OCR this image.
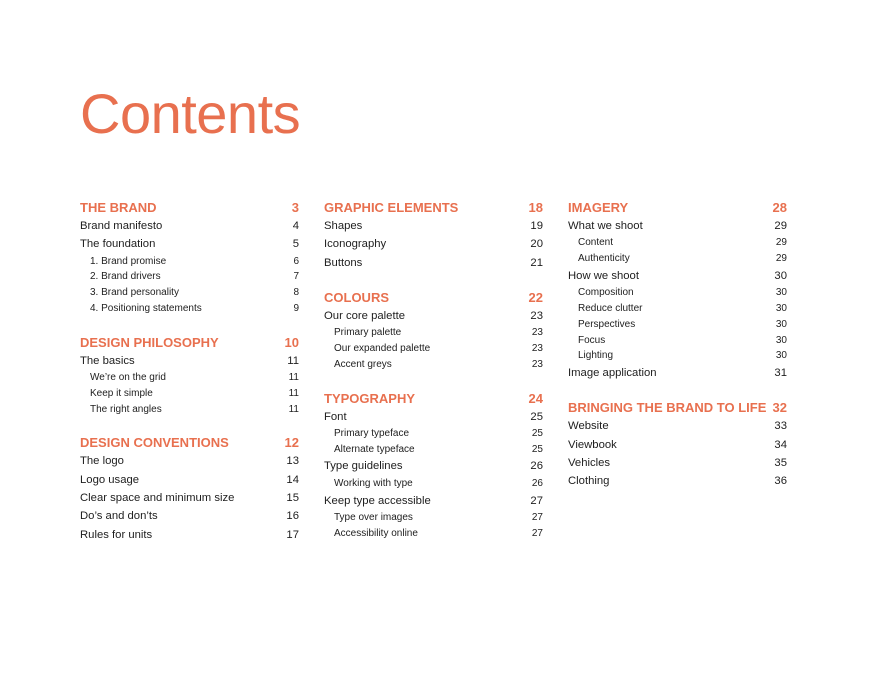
Contents
THE BRAND	3
Brand manifesto	4
The foundation	5
1. Brand promise	6
2. Brand drivers	7
3. Brand personality	8
4. Positioning statements	9
DESIGN PHILOSOPHY	10
The basics	11
We’re on the grid	11
Keep it simple	11
The right angles	11
DESIGN CONVENTIONS	12
The logo	13
Logo usage	14
Clear space and minimum size	15
Do’s and don’ts	16
Rules for units	17
GRAPHIC ELEMENTS	18
Shapes	19
Iconography	20
Buttons	21
COLOURS	22
Our core palette	23
Primary palette	23
Our expanded palette	23
Accent greys	23
TYPOGRAPHY	24
Font	25
Primary typeface	25
Alternate typeface	25
Type guidelines	26
Working with type	26
Keep type accessible	27
Type over images	27
Accessibility online	27
IMAGERY	28
What we shoot	29
Content	29
Authenticity	29
How we shoot	30
Composition	30
Reduce clutter	30
Perspectives	30
Focus	30
Lighting	30
Image application	31
BRINGING THE BRAND TO LIFE 32
Website	33
Viewbook	34
Vehicles	35
Clothing	36
